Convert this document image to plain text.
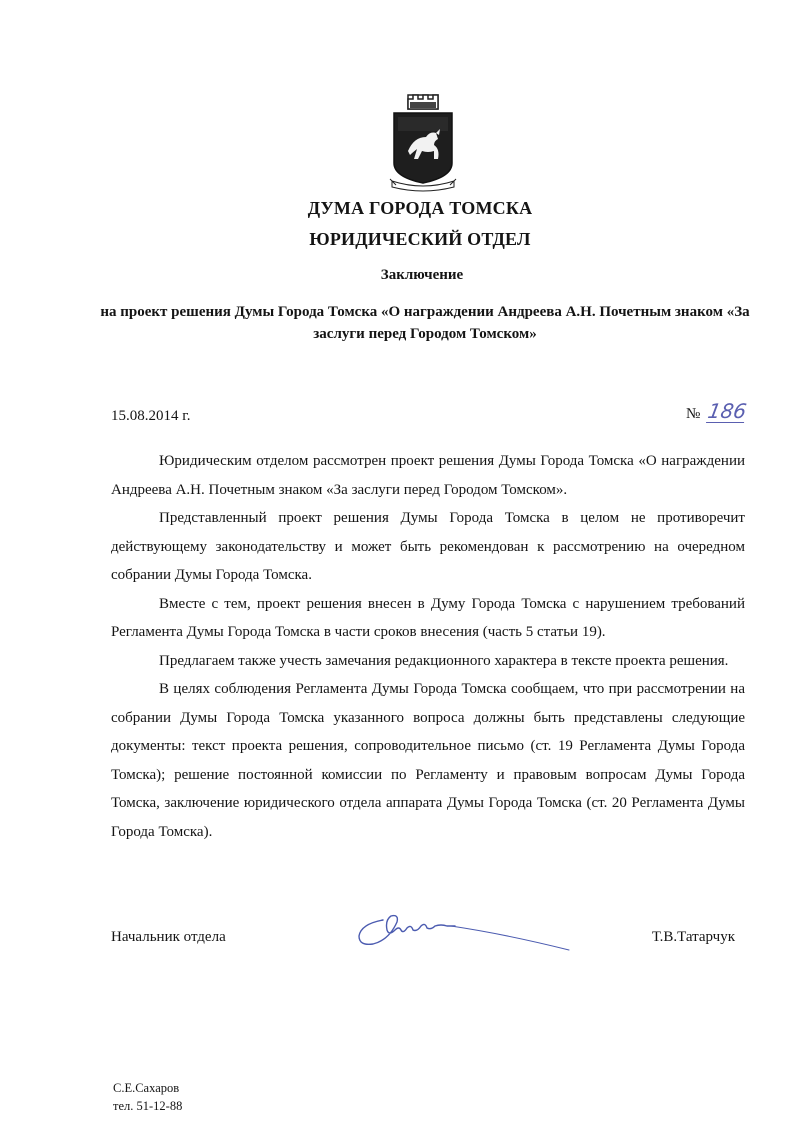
ДУМА ГОРОДА ТОМСКА
ЮРИДИЧЕСКИЙ ОТДЕЛ
Заключение
на проект решения Думы Города Томска «О награждении Андреева А.Н. Почетным знаком «За заслуги перед Городом Томском»
15.08.2014 г.	№ 186

Юридическим отделом рассмотрен проект решения Думы Города Томска «О награждении Андреева А.Н. Почетным знаком «За заслуги перед Городом Томском».

Представленный проект решения Думы Города Томска в целом не противоречит действующему законодательству и может быть рекомендован к рассмотрению на очередном собрании Думы Города Томска.

Вместе с тем, проект решения внесен в Думу Города Томска с нарушением требований Регламента Думы Города Томска в части сроков внесения (часть 5 статьи 19).

Предлагаем также учесть замечания редакционного характера в тексте проекта решения.

В целях соблюдения Регламента Думы Города Томска сообщаем, что при рассмотрении на собрании Думы Города Томска указанного вопроса должны быть представлены следующие документы: текст проекта решения, сопроводительное письмо (ст. 19 Регламента Думы Города Томска); решение постоянной комиссии по Регламенту и правовым вопросам Думы Города Томска, заключение юридического отдела аппарата Думы Города Томска (ст. 20 Регламента Думы Города Томска).

Начальник отдела	Т.В.Татарчук
С.Е.Сахаров
тел. 51-12-88
